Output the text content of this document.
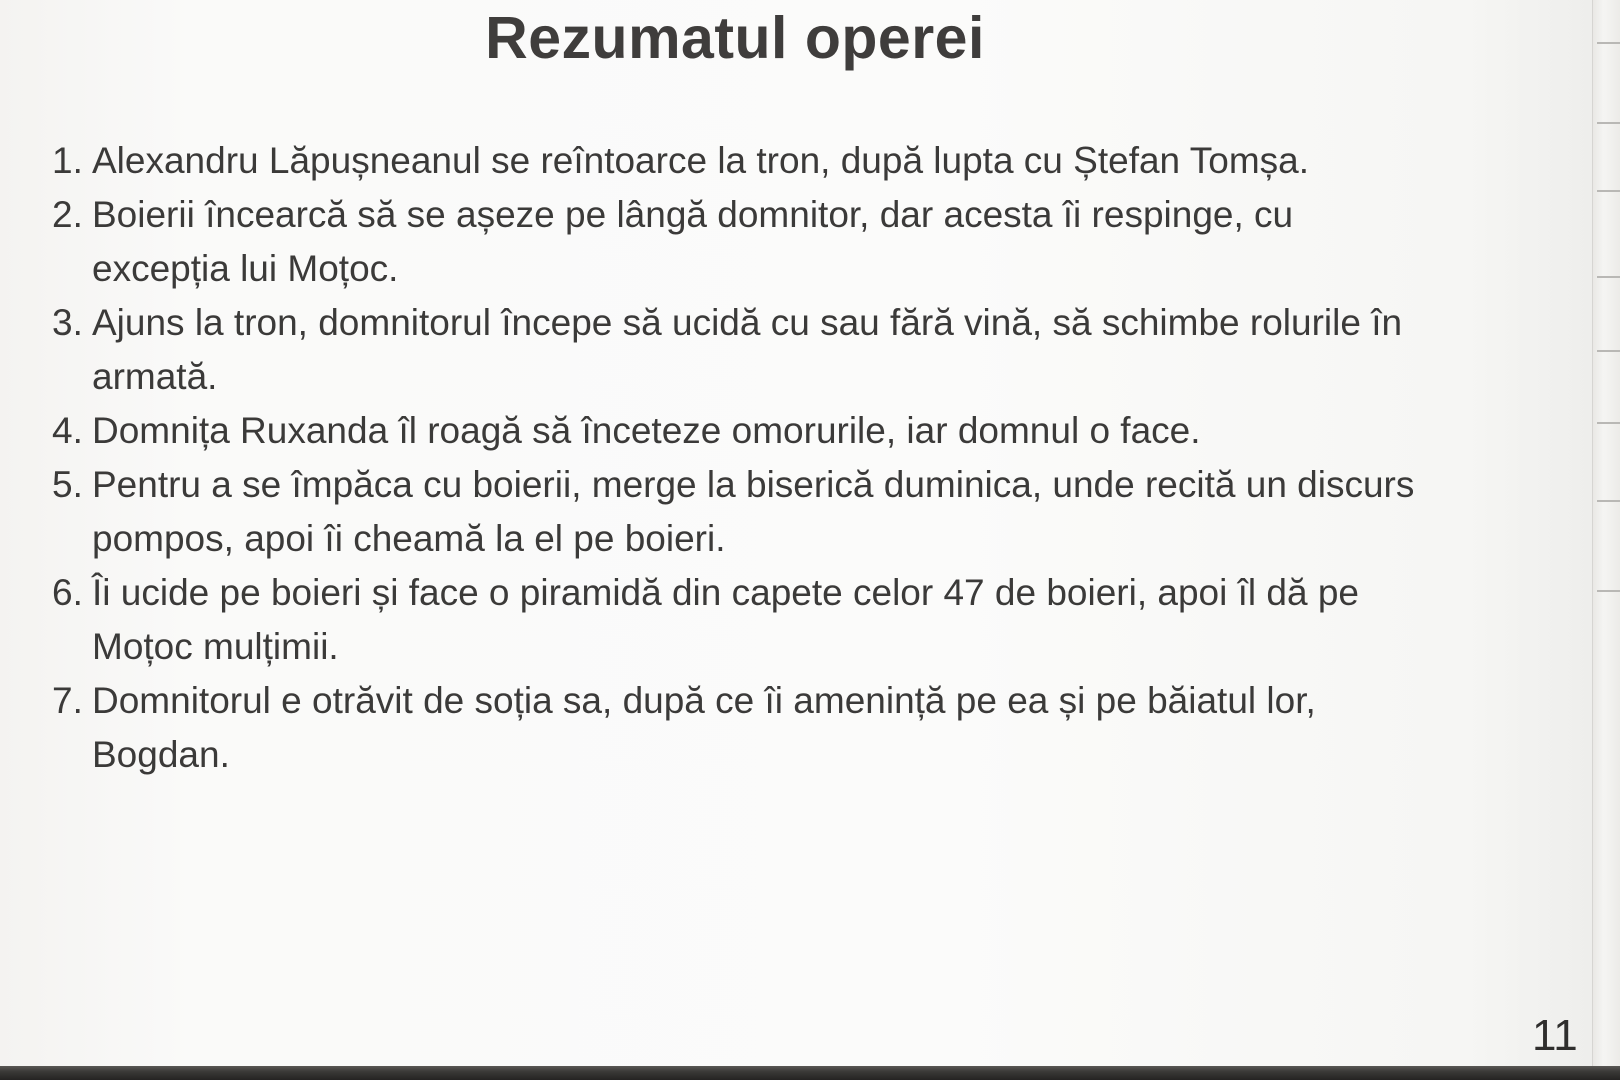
Rezumatul operei
1. Alexandru Lăpușneanul se reîntoarce la tron, după lupta cu Ștefan Tomșa.
2. Boierii încearcă să se așeze pe lângă domnitor, dar acesta îi respinge, cu excepția lui Moțoc.
3. Ajuns la tron, domnitorul începe să ucidă cu sau fără vină, să schimbe rolurile în armată.
4. Domnița Ruxanda îl roagă să înceteze omorurile, iar domnul o face.
5. Pentru a se împăca cu boierii, merge la biserică duminica, unde recită un discurs pompos, apoi îi cheamă la el pe boieri.
6. Îi ucide pe boieri și face o piramidă din capete celor 47 de boieri, apoi îl dă pe Moțoc mulțimii.
7. Domnitorul e otrăvit de soția sa, după ce îi amenință pe ea și pe băiatul lor, Bogdan.
11
